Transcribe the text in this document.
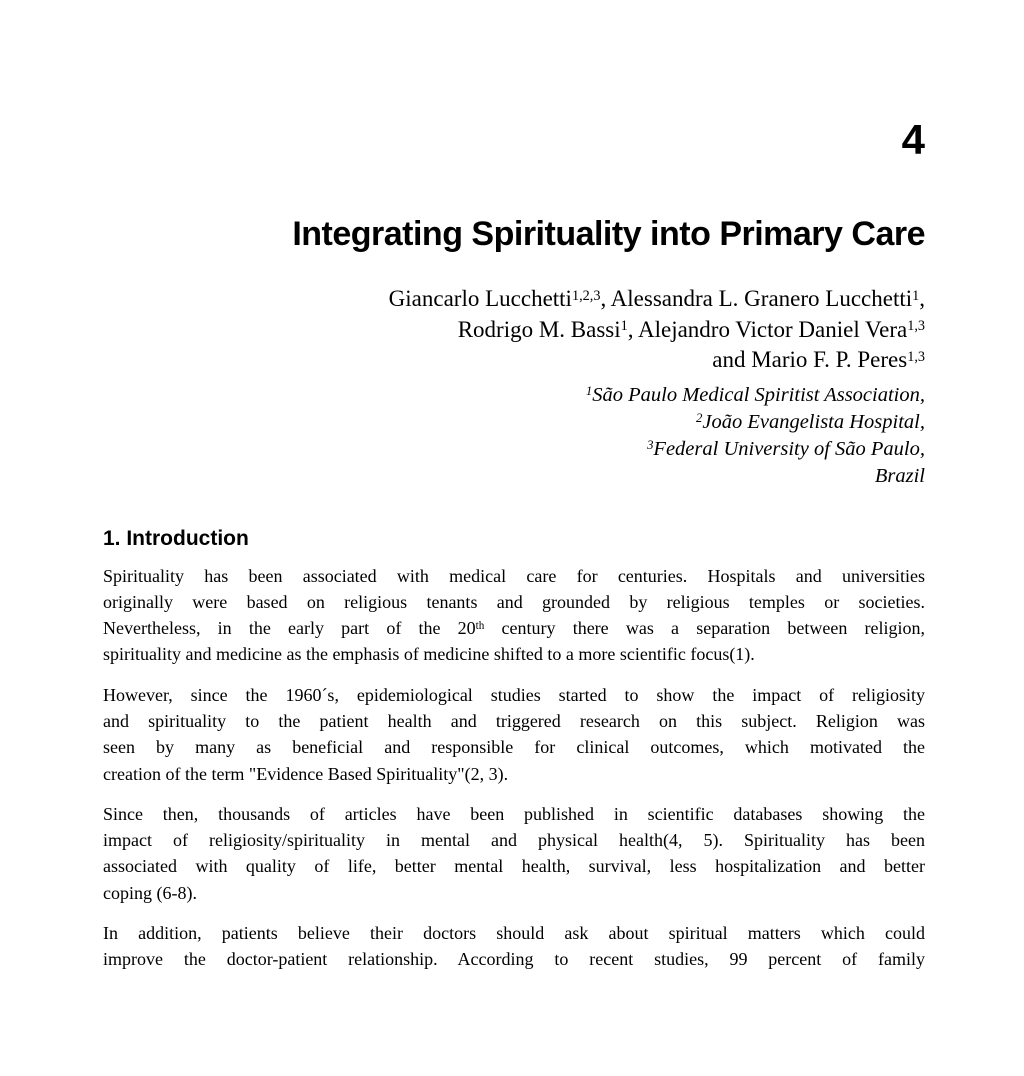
4
Integrating Spirituality into Primary Care
Giancarlo Lucchetti$^{1,2,3}$, Alessandra L. Granero Lucchetti$^1$,
Rodrigo M. Bassi$^1$, Alejandro Victor Daniel Vera$^{1,3}$
and Mario F. P. Peres$^{1,3}$
$^1$São Paulo Medical Spiritist Association,
$^2$João Evangelista Hospital,
$^3$Federal University of São Paulo,
Brazil
1. Introduction
Spirituality has been associated with medical care for centuries. Hospitals and universities
originally were based on religious tenants and grounded by religious temples or societies.
Nevertheless, in the early part of the 20th century there was a separation between religion,
spirituality and medicine as the emphasis of medicine shifted to a more scientific focus(1).
However, since the 1960´s, epidemiological studies started to show the impact of religiosity
and spirituality to the patient health and triggered research on this subject. Religion was
seen by many as beneficial and responsible for clinical outcomes, which motivated the
creation of the term "Evidence Based Spirituality"(2, 3).
Since then, thousands of articles have been published in scientific databases showing the
impact of religiosity/spirituality in mental and physical health(4, 5). Spirituality has been
associated with quality of life, better mental health, survival, less hospitalization and better
coping (6-8).
In addition, patients believe their doctors should ask about spiritual matters which could
improve the doctor-patient relationship. According to recent studies, 99 percent of family
